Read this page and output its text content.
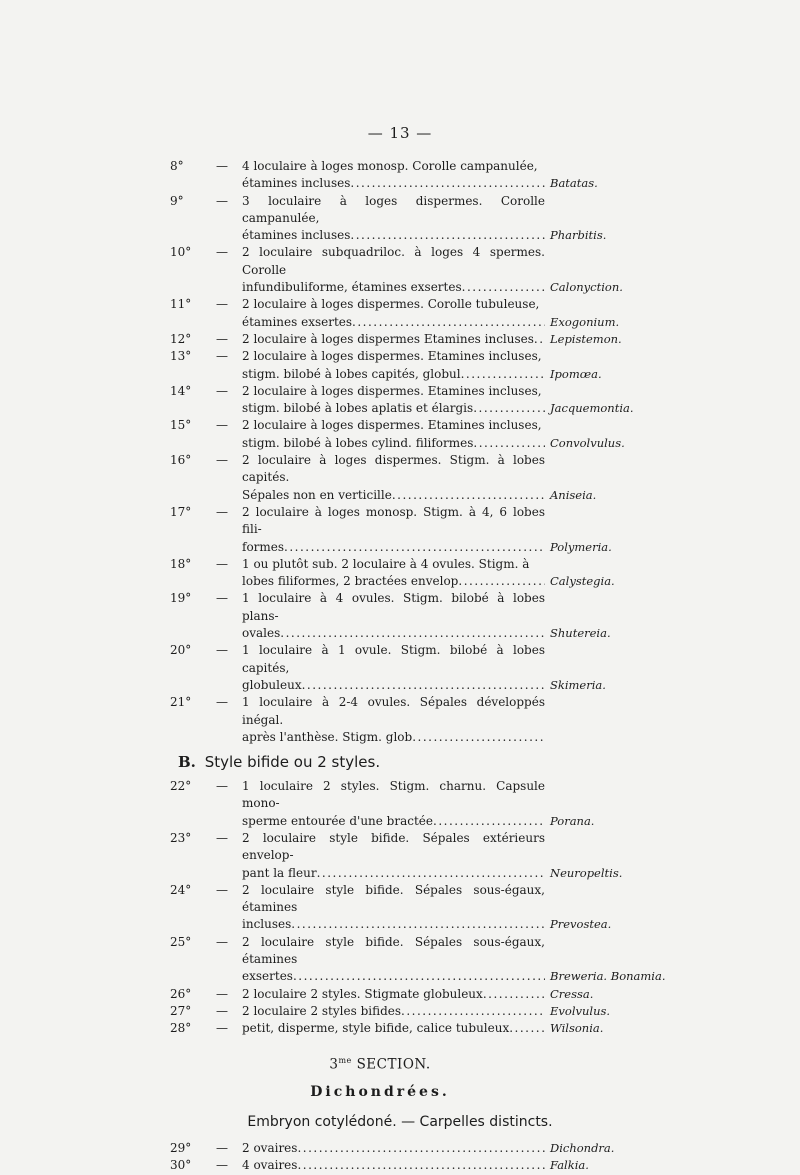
— 13 —
8°	—	4 loculaire à loges monosp. Corolle campanulée,
étamines incluses .....	Batatas.
9°	—	3 loculaire à loges dispermes. Corolle campanulée,
étamines incluses .....	Pharbitis.
10°	—	2 loculaire subquadriloc. à loges 4 spermes. Corolle
infundibuliforme, étamines exsertes .....	Calonyction.
11°	—	2 loculaire à loges dispermes. Corolle tubuleuse,
étamines exsertes .....	Exogonium.
12°	—	2 loculaire à loges dispermes Etamines incluses ..... Lepistemon.
13°	—	2 loculaire à loges dispermes. Etamines incluses,
stigm. bilobé à lobes capités, globul .....	Ipomœa.
14°	—	2 loculaire à loges dispermes. Etamines incluses,
stigm. bilobé à lobes aplatis et élargis .....	Jacquemontia.
15°	—	2 loculaire à loges dispermes. Etamines incluses,
stigm. bilobé à lobes cylind. filiformes .....	Convolvulus.
16°	—	2 loculaire à loges dispermes. Stigm. à lobes capités.
Sépales non en verticille .....	Aniseia.
17°	—	2 loculaire à loges monosp. Stigm. à 4, 6 lobes fili-
formes .....	Polymeria.
18°	—	1 ou plutôt sub. 2 loculaire à 4 ovules. Stigm. à
lobes filiformes, 2 bractées envelop .....	Calystegia.
19°	—	1 loculaire à 4 ovules. Stigm. bilobé à lobes plans-
ovales .....	Shutereia.
20°	—	1 loculaire à 1 ovule. Stigm. bilobé à lobes capités,
globuleux .....	Skimeria.
21°	—	1 loculaire à 2-4 ovules. Sépales développés inégal.
après l'anthèse. Stigm. glob
.....
B. Style bifide ou 2 styles.
22°	—	1 loculaire 2 styles. Stigm. charnu. Capsule mono-
sperme entourée d'une bractée .....	Porana.
23°	—	2 loculaire style bifide. Sépales extérieurs envelop-
pant la fleur .....	Neuropeltis.
24°	—	2 loculaire style bifide. Sépales sous-égaux, étamines
incluses .....	Prevostea.
25°	—	2 loculaire style bifide. Sépales sous-égaux, étamines
exsertes .....	Breweria. Bonamia.
26°	—	2 loculaire 2 styles. Stigmate globuleux .....	Cressa.
27°	—	2 loculaire 2 styles bifides .....	Evolvulus.
28°	—	petit, disperme, style bifide, calice tubuleux .....	Wilsonia.
$3^{me}$ SECTION.
Dichondrées.
Embryon cotylédoné. — Carpelles distincts.
29°	—	2 ovaires .....	Dichondra.
30°	—	4 ovaires .....	Falkia.
